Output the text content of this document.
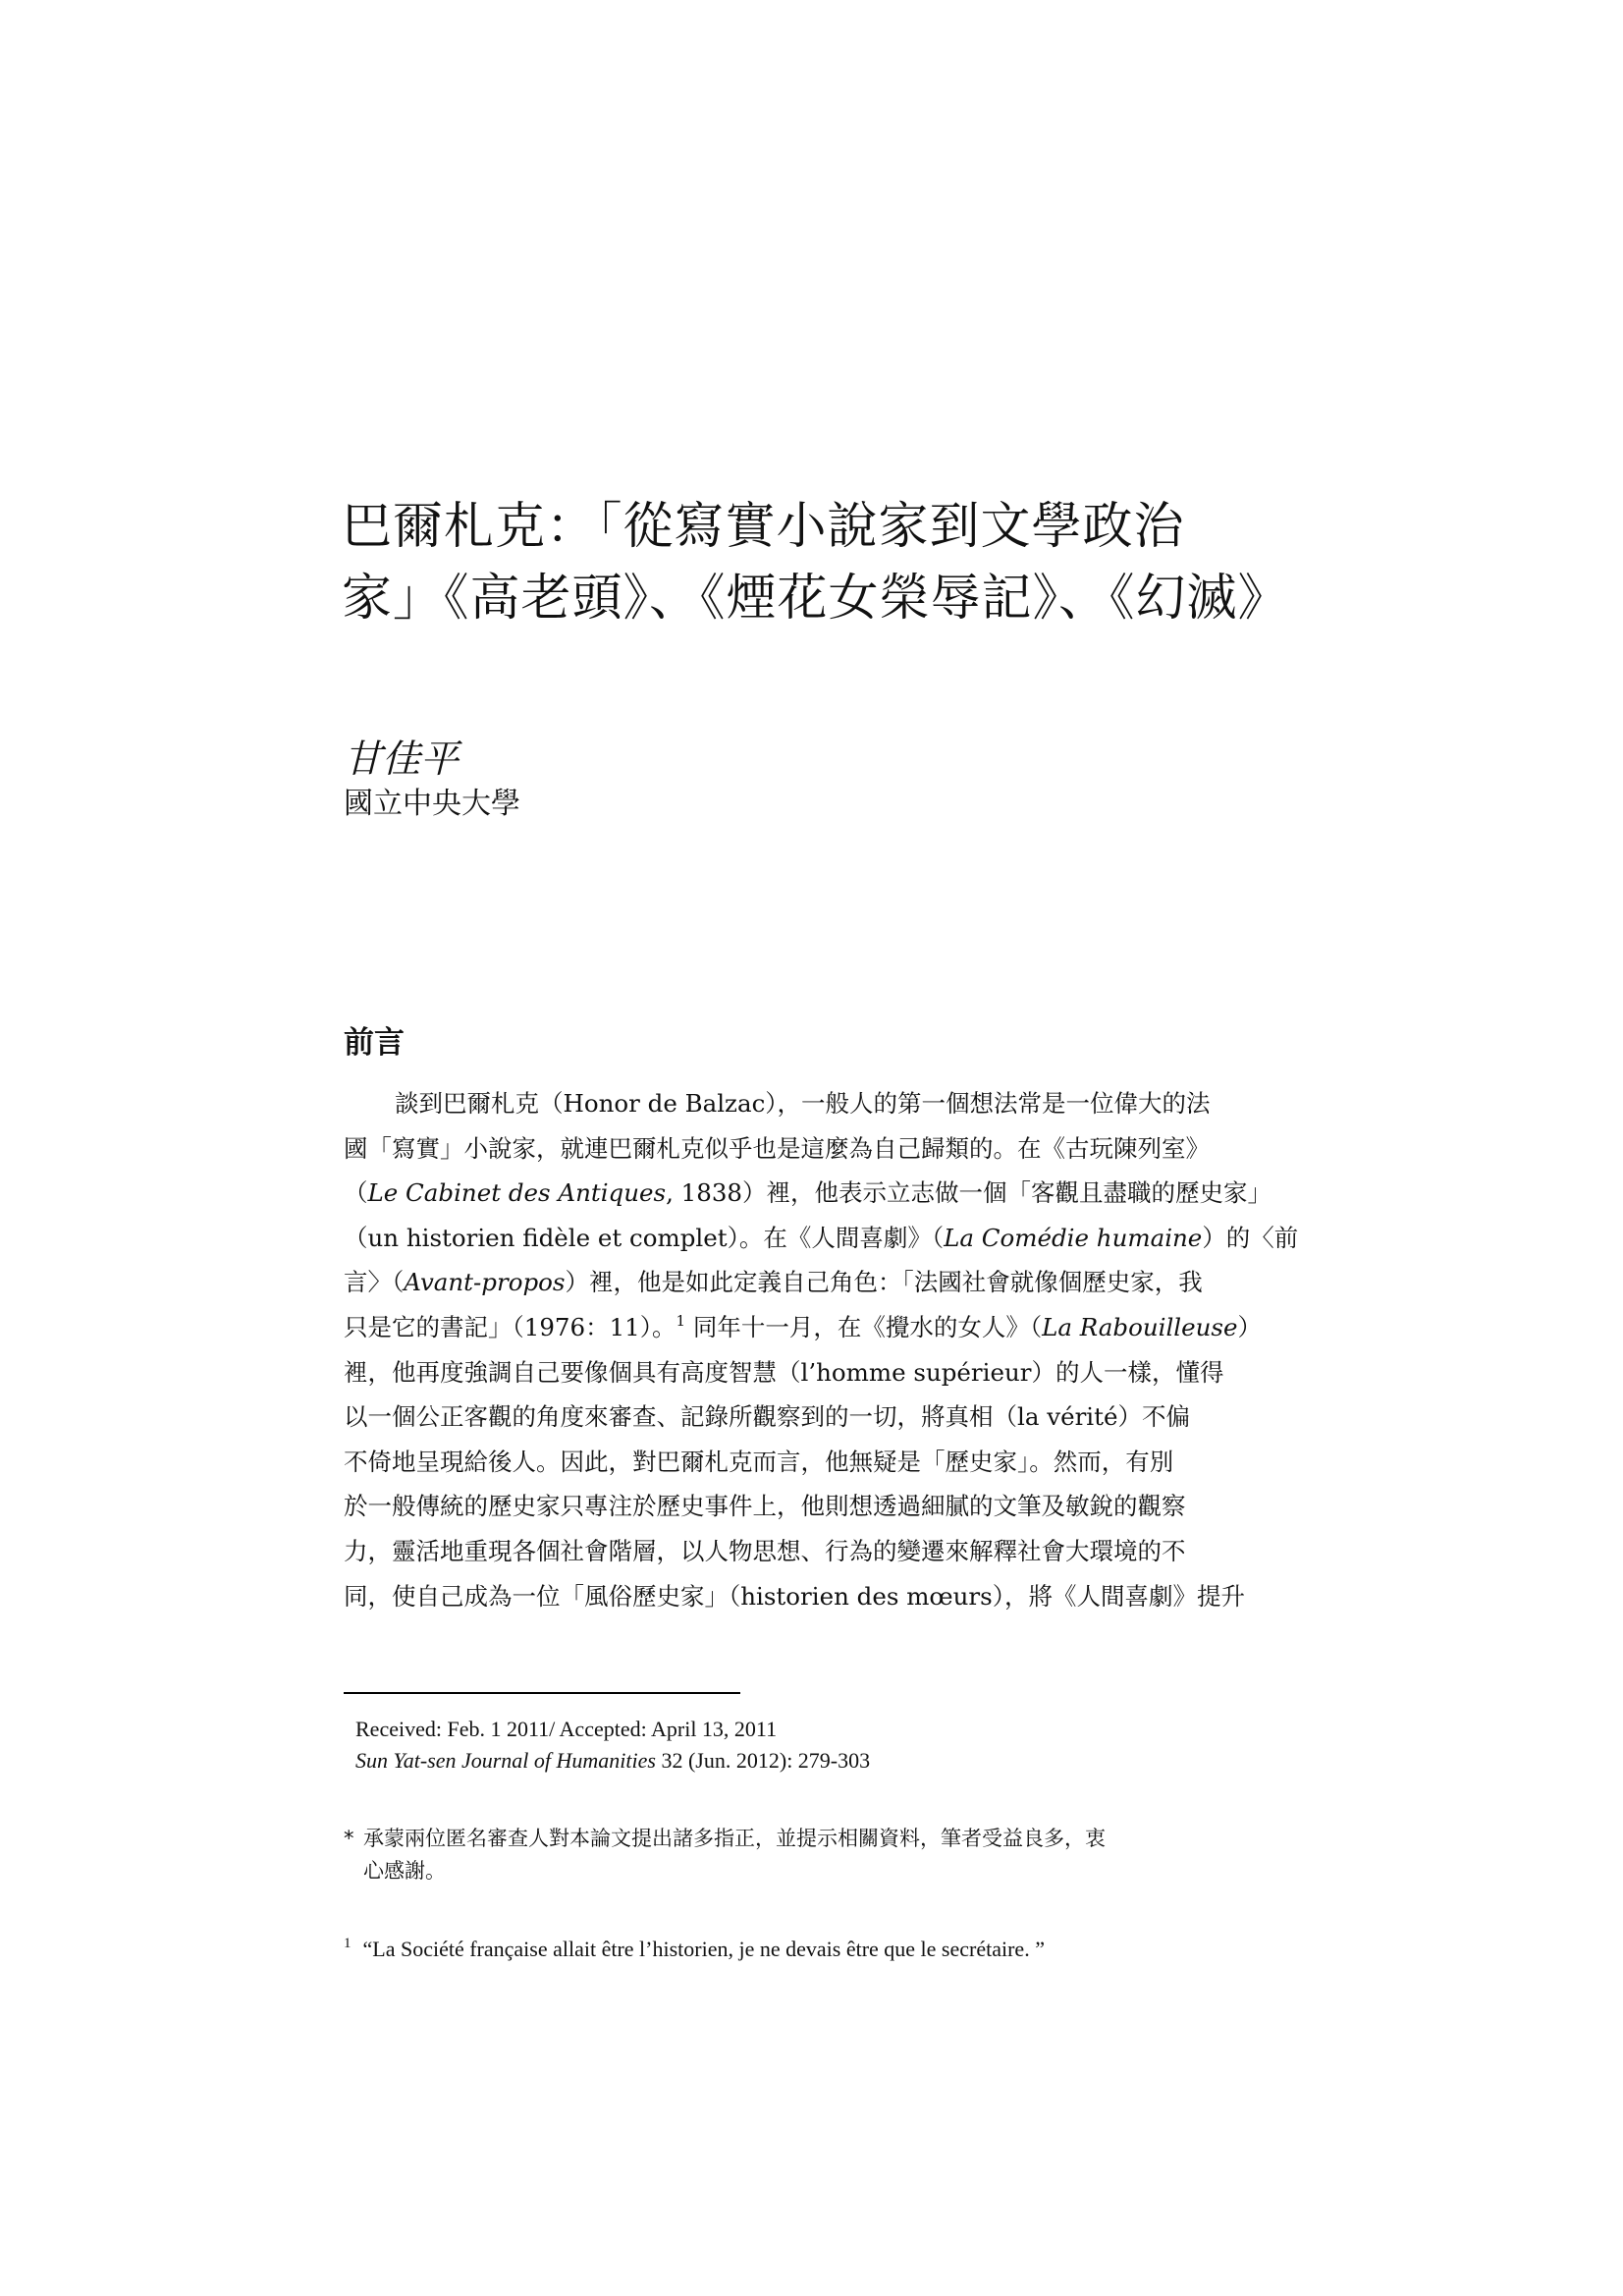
巴爾札克：「從寫實小說家到文學政治
家」《高老頭》、《煙花女榮辱記》、《幻滅》
甘佳平
國立中央大學
前言
談到巴爾札克（Honor de Balzac），一般人的第一個想法常是一位偉大的法
國「寫實」小說家，就連巴爾札克似乎也是這麼為自己歸類的。在《古玩陳列室》
（Le Cabinet des Antiques, 1838）裡，他表示立志做一個「客觀且盡職的歷史家」
（un historien fidèle et complet）。在《人間喜劇》（La Comédie humaine）的〈前
言〉（Avant-propos）裡，他是如此定義自己角色：「法國社會就像個歷史家，我
只是它的書記」（1976：11）。$^1$ 同年十一月，在《攪水的女人》（La Rabouilleuse）
裡，他再度強調自己要像個具有高度智慧（l’homme supérieur）的人一樣，懂得
以一個公正客觀的角度來審查、記錄所觀察到的一切，將真相（la vérité）不偏
不倚地呈現給後人。因此，對巴爾札克而言，他無疑是「歷史家」。然而，有別
於一般傳統的歷史家只專注於歷史事件上，他則想透過細膩的文筆及敏銳的觀察
力，靈活地重現各個社會階層，以人物思想、行為的變遷來解釋社會大環境的不
同，使自己成為一位「風俗歷史家」（historien des mœurs），將《人間喜劇》提升
Received: Feb. 1 2011/ Accepted: April 13, 2011
Sun Yat-sen Journal of Humanities 32 (Jun. 2012): 279-303
* 承蒙兩位匿名審查人對本論文提出諸多指正，並提示相關資料，筆者受益良多，衷
心感謝。
$^1$ “La Société française allait être l’historien, je ne devais être que le secrétaire. ”
